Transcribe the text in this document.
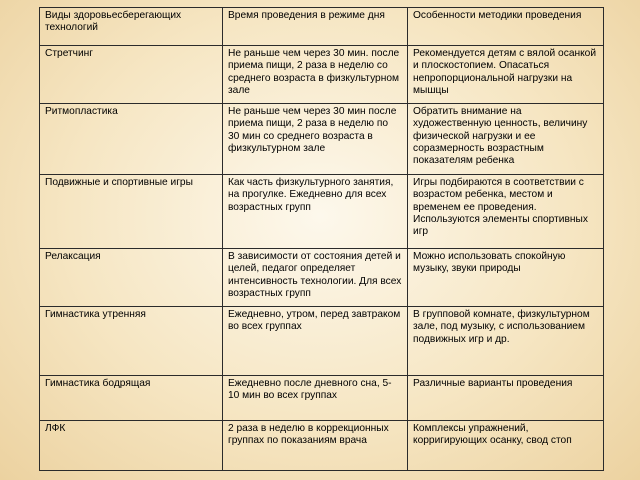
Виды здоровьесберегающих технологий	Время проведения в режиме дня	Особенности методики проведения
Стретчинг	Не раньше чем через 30 мин. после приема пищи, 2 раза в неделю со среднего возраста в физкультурном зале	Рекомендуется детям с вялой осанкой и плоскостопием. Опасаться непропорциональной нагрузки на мышцы
Ритмопластика	Не раньше чем через 30 мин после приема пищи, 2 раза в неделю по 30 мин со среднего возраста в физкультурном зале	Обратить внимание на художественную ценность, величину физической нагрузки и ее соразмерность возрастным показателям ребенка
Подвижные и спортивные игры	Как часть физкультурного занятия, на прогулке. Ежедневно для всех возрастных групп	Игры подбираются в соответствии с возрастом ребенка, местом и временем ее проведения. Используются элементы спортивных игр
Релаксация	В зависимости от состояния детей и целей, педагог определяет интенсивность технологии. Для всех возрастных групп	Можно использовать спокойную музыку, звуки природы
Гимнастика утренняя	Ежедневно, утром, перед завтраком во всех группах	В групповой комнате, физкультурном зале, под музыку, с использованием подвижных игр и др.
Гимнастика бодрящая	Ежедневно после дневного сна, 5-10 мин во всех группах	Различные варианты проведения
ЛФК	2 раза в неделю в коррекционных группах по показаниям врача	Комплексы упражнений, корригирующих осанку, свод стоп
